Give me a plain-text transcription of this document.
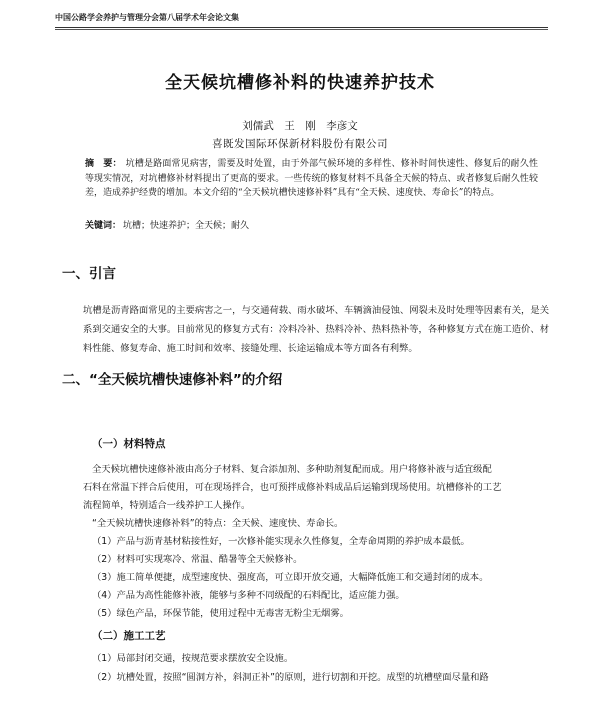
中国公路学会养护与管理分会第八届学术年会论文集
全天候坑槽修补料的快速养护技术
刘儒武　王　刚　李彦文
喜既发国际环保新材料股份有限公司
摘　要： 坑槽是路面常见病害，需要及时处置，由于外部气候环境的多样性、修补时间快速性、修复后的耐久性等现实情况，对坑槽修补材料提出了更高的要求。一些传统的修复材料不具备全天候的特点、或者修复后耐久性较差，造成养护经费的增加。本文介绍的“全天候坑槽快速修补料”具有“全天候、速度快、寿命长”的特点。
关键词： 坑槽；快速养护；全天候；耐久
一、引言
坑槽是沥青路面常见的主要病害之一，与交通荷载、雨水破坏、车辆滴油侵蚀、网裂未及时处理等因素有关，是关系到交通安全的大事。目前常见的修复方式有：冷料冷补、热料冷补、热料热补等，各种修复方式在施工造价、材料性能、修复寿命、施工时间和效率、接缝处理、长途运输成本等方面各有利弊。
二、“全天候坑槽快速修补料”的介绍
（一）材料特点
全天候坑槽快速修补液由高分子材料、复合添加剂、多种助剂复配而成。用户将修补液与适宜级配
石料在常温下拌合后使用，可在现场拌合，也可预拌成修补料成品后运输到现场使用。坑槽修补的工艺
流程简单，特别适合一线养护工人操作。
“全天候坑槽快速修补料”的特点：全天候、速度快、寿命长。
（1）产品与沥青基材粘接性好，一次修补能实现永久性修复，全寿命周期的养护成本最低。
（2）材料可实现寒冷、常温、酷暑等全天候修补。
（3）施工简单便捷，成型速度快、强度高，可立即开放交通，大幅降低施工和交通封闭的成本。
（4）产品为高性能修补液，能够与多种不同级配的石料配比，适应能力强。
（5）绿色产品，环保节能，使用过程中无毒害无粉尘无烟雾。
（二）施工工艺
（1）局部封闭交通，按规范要求摆放安全设施。
（2）坑槽处置，按照“圆洞方补，斜洞正补”的原则，进行切割和开挖。成型的坑槽壁面尽量和路
